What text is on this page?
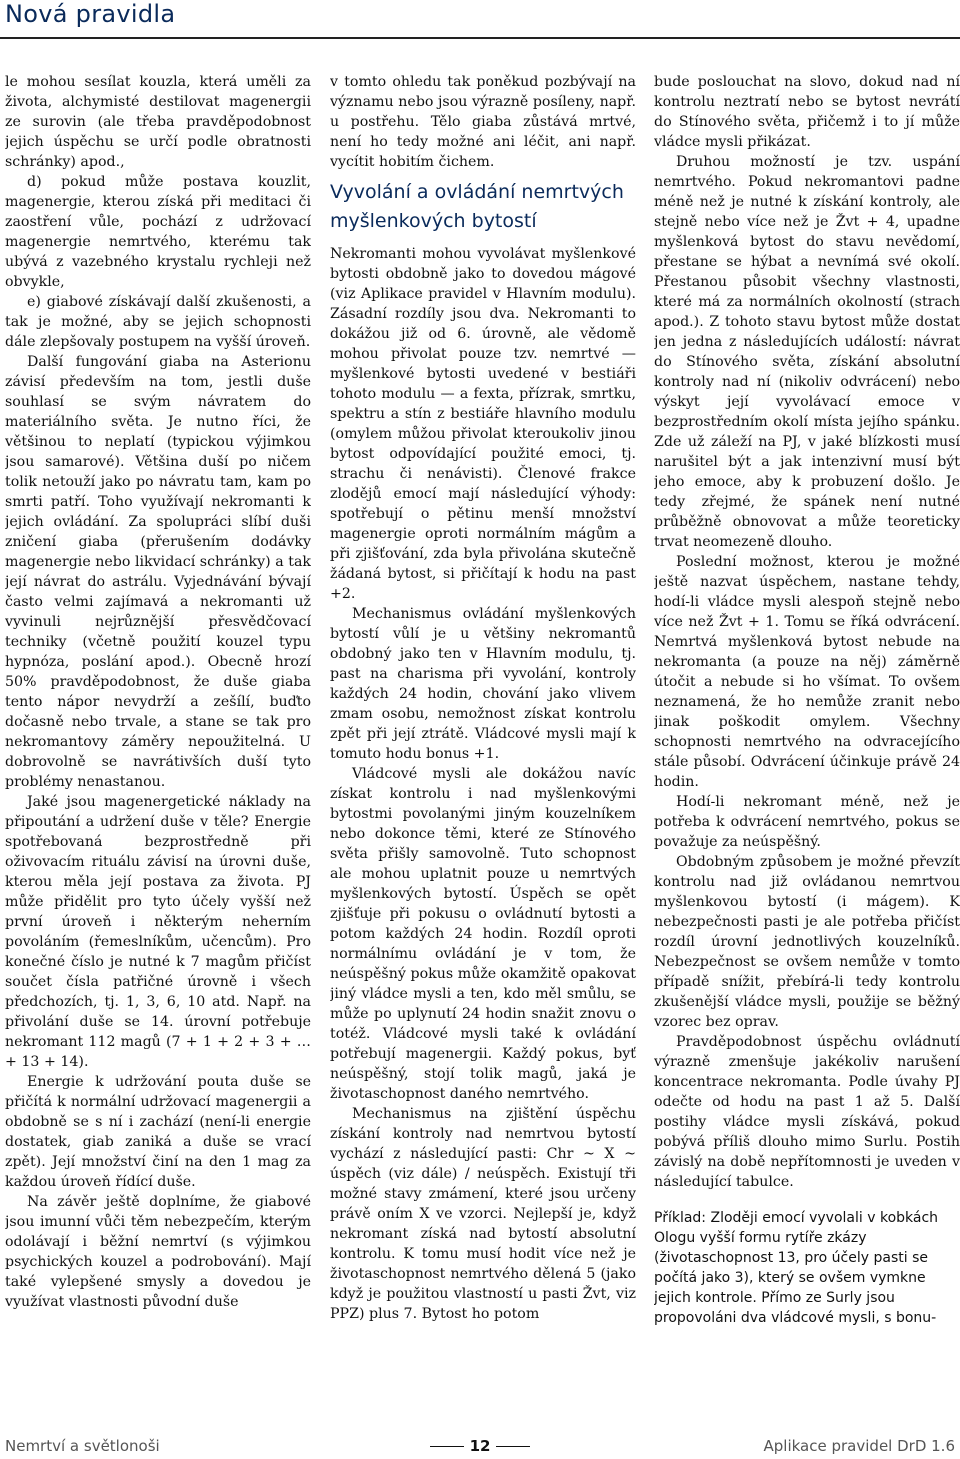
Nová pravidla

le mohou sesílat kouzla, která uměli za života, alchymisté destilovat magenergii ze surovin (ale třeba pravděpodobnost jejich úspěchu se určí podle obratnosti schránky) apod.,

d) pokud může postava kouzlit, magenergie, kterou získá při meditaci či zaostření vůle, pochází z udržovací magenergie nemrtvého, kterému tak ubývá z vazebného krystalu rychleji než obvykle,

e) giabové získávají další zkušenosti, a tak je možné, aby se jejich schopnosti dále zlepšovaly postupem na vyšší úroveň.

Další fungování giaba na Asterionu závisí především na tom, jestli duše souhlasí se svým návratem do materiálního světa. Je nutno říci, že většinou to neplatí (typickou výjimkou jsou samarové). Většina duší po ničem tolik netouží jako po návratu tam, kam po smrti patří. Toho využívají nekromanti k jejich ovládání. Za spolupráci slíbí duši zničení giaba (přerušením dodávky magenergie nebo likvidací schránky) a tak její návrat do astrálu. Vyjednávání bývají často velmi zajímavá a nekromanti už vyvinuli nejrůznější přesvědčovací techniky (včetně použití kouzel typu hypnóza, poslání apod.). Obecně hrozí 50% pravděpodobnost, že duše giaba tento nápor nevydrží a zešílí, buďto dočasně nebo trvale, a stane se tak pro nekromantovy záměry nepoužitelná. U dobrovolně se navrátivších duší tyto problémy nenastanou.

Jaké jsou magenergetické náklady na připoutání a udržení duše v těle? Energie spotřebovaná bezprostředně při oživovacím rituálu závisí na úrovni duše, kterou měla její postava za života. PJ může přidělit pro tyto účely vyšší než první úroveň i některým neherním povoláním (řemeslníkům, učencům). Pro konečné číslo je nutné k 7 magům přičíst součet čísla patřičné úrovně i všech předchozích, tj. 1, 3, 6, 10 atd. Např. na přivolání duše se 14. úrovní potřebuje nekromant 112 magů (7 + 1 + 2 + 3 + … + 13 + 14).

Energie k udržování pouta duše se přičítá k normální udržovací magenergii a obdobně se s ní i zachází (není-li energie dostatek, giab zaniká a duše se vrací zpět). Její množství činí na den 1 mag za každou úroveň řídící duše.

Na závěr ještě doplníme, že giabové jsou imunní vůči těm nebezpečím, kterým odolávají i běžní nemrtví (s výjimkou psychických kouzel a podrobování). Mají také vylepšené smysly a dovedou je využívat vlastnosti původní duše

v tomto ohledu tak poněkud pozbývají na významu nebo jsou výrazně posíleny, např. u postřehu. Tělo giaba zůstává mrtvé, není ho tedy možné ani léčit, ani např. vycítit hobitím čichem.

Vyvolání a ovládání nemrtvých myšlenkových bytostí

Nekromanti mohou vyvolávat myšlenkové bytosti obdobně jako to dovedou mágové (viz Aplikace pravidel v Hlavním modulu). Zásadní rozdíly jsou dva. Nekromanti to dokážou již od 6. úrovně, ale vědomě mohou přivolat pouze tzv. nemrtvé — myšlenkové bytosti uvedené v bestiáři tohoto modulu — a fexta, přízrak, smrtku, spektru a stín z bestiáře hlavního modulu (omylem můžou přivolat kteroukoliv jinou bytost odpovídající použité emoci, tj. strachu či nenávisti). Členové frakce zlodějů emocí mají následující výhody: spotřebují o pětinu menší množství magenergie oproti normálním mágům a při zjišťování, zda byla přivolána skutečně žádaná bytost, si přičítají k hodu na past +2.

Mechanismus ovládání myšlenkových bytostí vůlí je u většiny nekromantů obdobný jako ten v Hlavním modulu, tj. past na charisma při vyvolání, kontroly každých 24 hodin, chování jako vlivem zmam osobu, nemožnost získat kontrolu zpět při její ztrátě. Vládcové mysli mají k tomuto hodu bonus +1.

Vládcové mysli ale dokážou navíc získat kontrolu i nad myšlenkovými bytostmi povolanými jiným kouzelníkem nebo dokonce těmi, které ze Stínového světa přišly samovolně. Tuto schopnost ale mohou uplatnit pouze u nemrtvých myšlenkových bytostí. Úspěch se opět zjišťuje při pokusu o ovládnutí bytosti a potom každých 24 hodin. Rozdíl oproti normálnímu ovládání je v tom, že neúspěšný pokus může okamžitě opakovat jiný vládce mysli a ten, kdo měl smůlu, se může po uplynutí 24 hodin snažit znovu o totéž. Vládcové mysli také k ovládání potřebují magenergii. Každý pokus, byť neúspěšný, stojí tolik magů, jaká je životaschopnost daného nemrtvého.

Mechanismus na zjištění úspěchu získání kontroly nad nemrtvou bytostí vychází z následující pasti: Chr ~ X ~ úspěch (viz dále) / neúspěch. Existují tři možné stavy zmámení, které jsou určeny právě oním X ve vzorci. Nejlepší je, když nekromant získá nad bytostí absolutní kontrolu. K tomu musí hodit více než je životaschopnost nemrtvého dělená 5 (jako když je použitou vlastností u pasti Žvt, viz PPZ) plus 7. Bytost ho potom

bude poslouchat na slovo, dokud nad ní kontrolu neztratí nebo se bytost nevrátí do Stínového světa, přičemž i to jí může vládce mysli přikázat.

Druhou možností je tzv. uspání nemrtvého. Pokud nekromantovi padne méně než je nutné k získání kontroly, ale stejně nebo více než je Žvt + 4, upadne myšlenková bytost do stavu nevědomí, přestane se hýbat a nevnímá své okolí. Přestanou působit všechny vlastnosti, které má za normálních okolností (strach apod.). Z tohoto stavu bytost může dostat jen jedna z následujících událostí: návrat do Stínového světa, získání absolutní kontroly nad ní (nikoliv odvrácení) nebo výskyt její vyvolávací emoce v bezprostředním okolí místa jejího spánku. Zde už záleží na PJ, v jaké blízkosti musí narušitel být a jak intenzivní musí být jeho emoce, aby k probuzení došlo. Je tedy zřejmé, že spánek není nutné průběžně obnovovat a může teoreticky trvat neomezeně dlouho.

Poslední možnost, kterou je možné ještě nazvat úspěchem, nastane tehdy, hodí-li vládce mysli alespoň stejně nebo více než Žvt + 1. Tomu se říká odvrácení. Nemrtvá myšlenková bytost nebude na nekromanta (a pouze na něj) záměrně útočit a nebude si ho všímat. To ovšem neznamená, že ho nemůže zranit nebo jinak poškodit omylem. Všechny schopnosti nemrtvého na odvracejícího stále působí. Odvrácení účinkuje právě 24 hodin.

Hodí-li nekromant méně, než je potřeba k odvrácení nemrtvého, pokus se považuje za neúspěšný.

Obdobným způsobem je možné převzít kontrolu nad již ovládanou nemrtvou myšlenkovou bytostí (i mágem). K nebezpečnosti pasti je ale potřeba přičíst rozdíl úrovní jednotlivých kouzelníků. Nebezpečnost se ovšem nemůže v tomto případě snížit, přebírá-li tedy kontrolu zkušenější vládce mysli, použije se běžný vzorec bez oprav.

Pravděpodobnost úspěchu ovládnutí výrazně zmenšuje jakékoliv narušení koncentrace nekromanta. Podle úvahy PJ odečte od hodu na past 1 až 5. Další postihy vládce mysli získává, pokud pobývá příliš dlouho mimo Surlu. Postih závislý na době nepřítomnosti je uveden v následující tabulce.

Příklad: Zloději emocí vyvolali v kobkách Ologu vyšší formu rytíře zkázy (životaschopnost 13, pro účely pasti se počítá jako 3), který se ovšem vymkne jejich kontrole. Přímo ze Surly jsou propovoláni dva vládcové mysli, s bonu-

Nemrtví a světlonoši	12	Aplikace pravidel DrD 1.6
